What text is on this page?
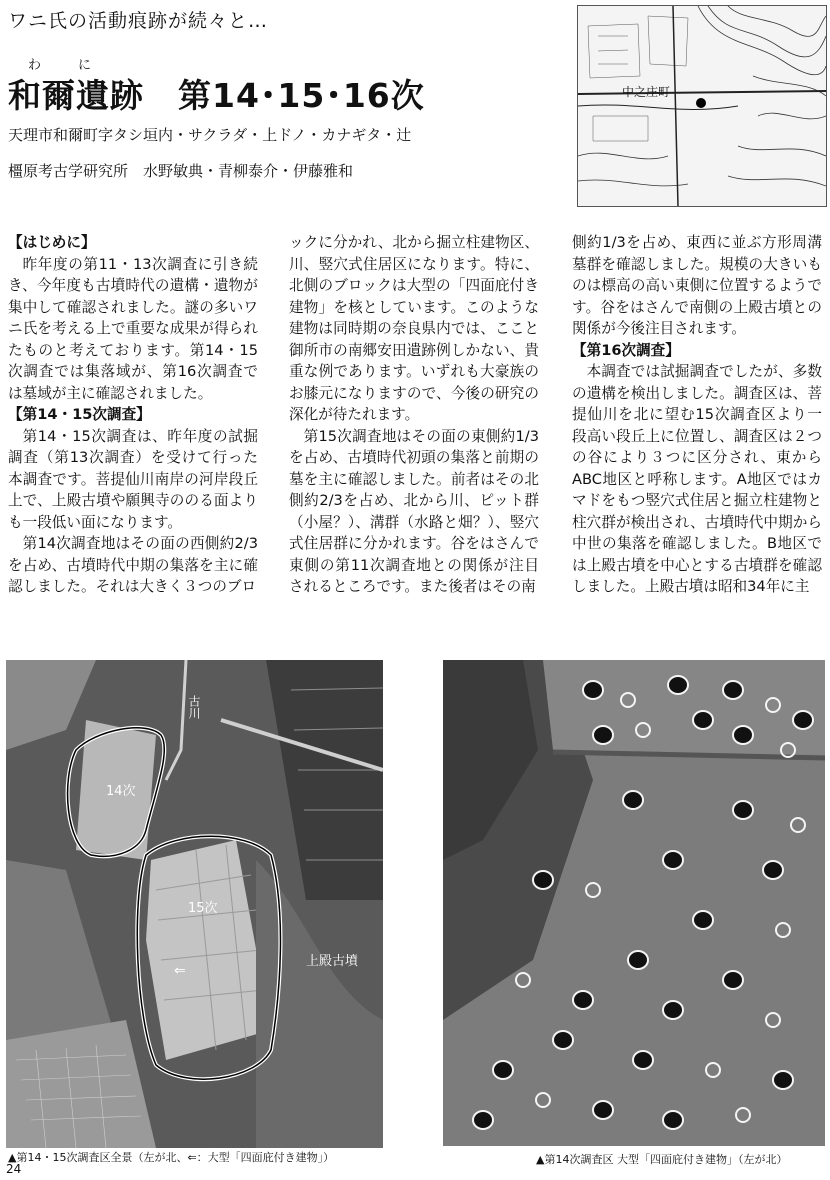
ワニ氏の活動痕跡が続々と…
わ	に
和爾遺跡　第14･15･16次
天理市和爾町字タシ垣内・サクラダ・上ドノ・カナギタ・辻
橿原考古学研究所　水野敏典・青柳泰介・伊藤雅和
中之庄町

【はじめに】

昨年度の第11・13次調査に引き続き、今年度も古墳時代の遺構・遺物が集中して確認されました。謎の多いワニ氏を考える上で重要な成果が得られたものと考えております。第14・15次調査では集落域が、第16次調査では墓域が主に確認されました。

【第14・15次調査】

第14・15次調査は、昨年度の試掘調査（第13次調査）を受けて行った本調査です。菩提仙川南岸の河岸段丘上で、上殿古墳や願興寺ののる面よりも一段低い面になります。

第14次調査地はその面の西側約2/3を占め、古墳時代中期の集落を主に確認しました。それは大きく３つのブロ

ックに分かれ、北から掘立柱建物区、川、竪穴式住居区になります。特に、北側のブロックは大型の「四面庇付き建物」を核としています。このような建物は同時期の奈良県内では、ここと御所市の南郷安田遺跡例しかない、貴重な例であります。いずれも大豪族のお膝元になりますので、今後の研究の深化が待たれます。

第15次調査地はその面の東側約1/3を占め、古墳時代初頭の集落と前期の墓を主に確認しました。前者はその北側約2/3を占め、北から川、ピット群（小屋？）、溝群（水路と畑？）、竪穴式住居群に分かれます。谷をはさんで東側の第11次調査地との関係が注目されるところです。また後者はその南

側約1/3を占め、東西に並ぶ方形周溝墓群を確認しました。規模の大きいものは標高の高い東側に位置するようです。谷をはさんで南側の上殿古墳との関係が今後注目されます。

【第16次調査】

本調査では試掘調査でしたが、多数の遺構を検出しました。調査区は、菩提仙川を北に望む15次調査区より一段高い段丘上に位置し、調査区は２つの谷により３つに区分され、東からABC地区と呼称します。A地区ではカマドをもつ竪穴式住居と掘立柱建物と柱穴群が検出され、古墳時代中期から中世の集落を確認しました。B地区では上殿古墳を中心とする古墳群を確認しました。上殿古墳は昭和34年に主

古川
14次
15次
⇐
上殿古墳
▲第14・15次調査区全景（左が北、⇐：大型「四面庇付き建物」）	▲第14次調査区 大型「四面庇付き建物」（左が北）
24
